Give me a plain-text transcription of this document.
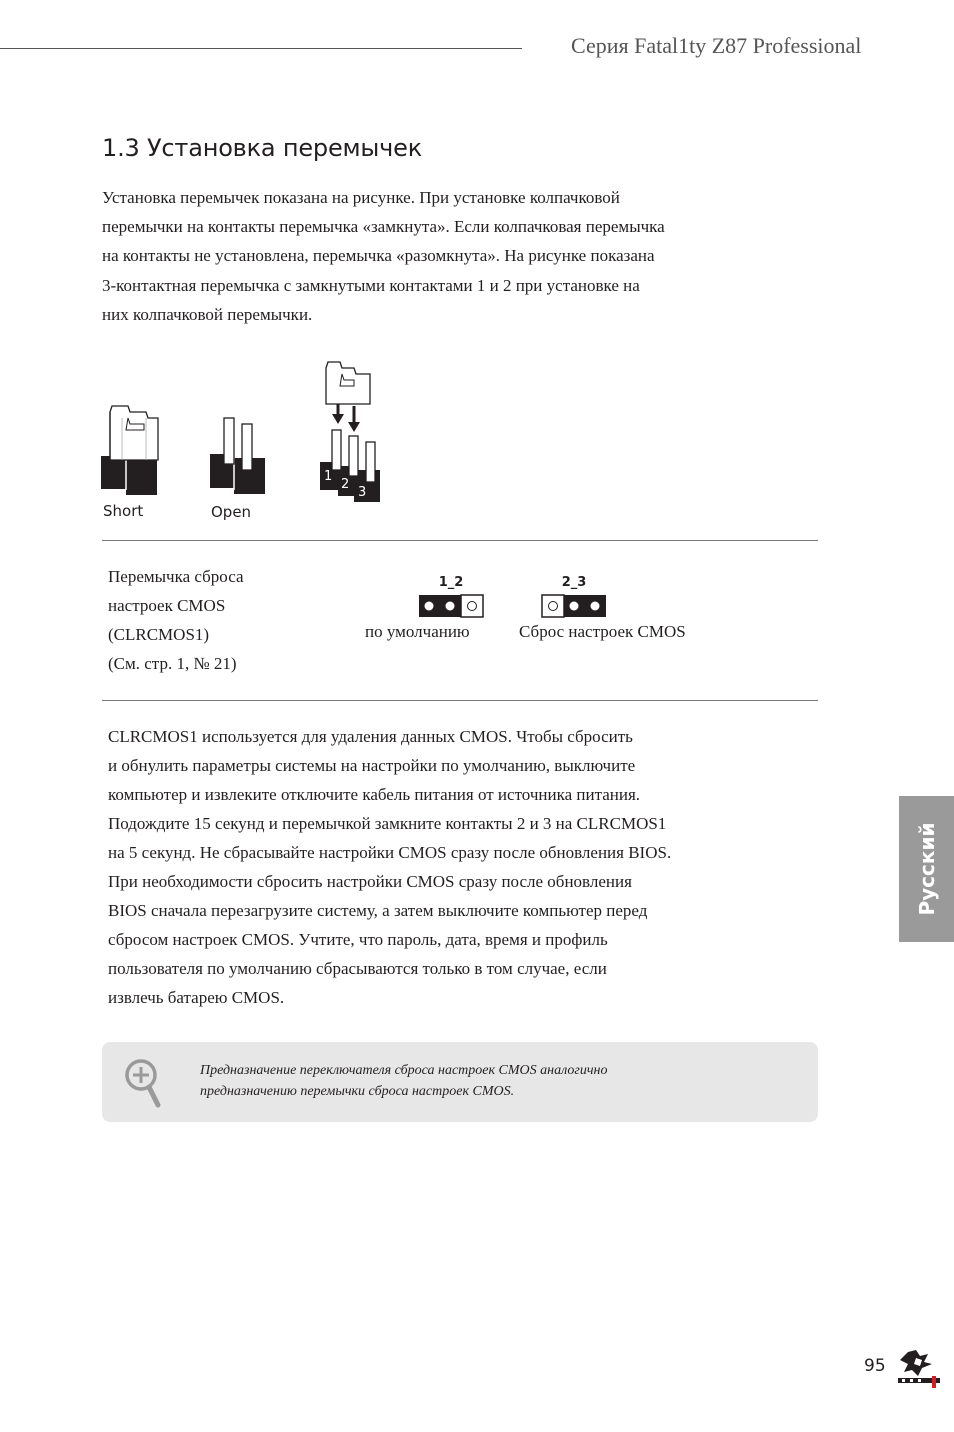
Серия Fatal1ty Z87 Professional
1.3 Установка перемычек
Установка перемычек показана на рисунке. При установке колпачковой
перемычки на контакты перемычка «замкнута». Если колпачковая перемычка
на контакты не установлена, перемычка «разомкнута». На рисунке показана
3-контактная перемычка с замкнутыми контактами 1 и 2 при установке на
них колпачковой перемычки.
1
2
3
Short	Open
Перемычка сброса
настроек CMOS
(CLRCMOS1)
(См. стр. 1, № 21)
1_2
по умолчанию
2_3
Сброс настроек CMOS
CLRCMOS1 используется для удаления данных CMOS. Чтобы сбросить
и обнулить параметры системы на настройки по умолчанию, выключите
компьютер и извлеките отключите кабель питания от источника питания.
Подождите 15 секунд и перемычкой замкните контакты 2 и 3 на CLRCMOS1
на 5 секунд. Не сбрасывайте настройки CMOS сразу после обновления BIOS.
При необходимости сбросить настройки CMOS сразу после обновления
BIOS сначала перезагрузите систему, а затем выключите компьютер перед
сбросом настроек CMOS. Учтите, что пароль, дата, время и профиль
пользователя по умолчанию сбрасываются только в том случае, если
извлечь батарею CMOS.
Русский
Предназначение переключателя сброса настроек CMOS аналогично
предназначению перемычки сброса настроек CMOS.
95
